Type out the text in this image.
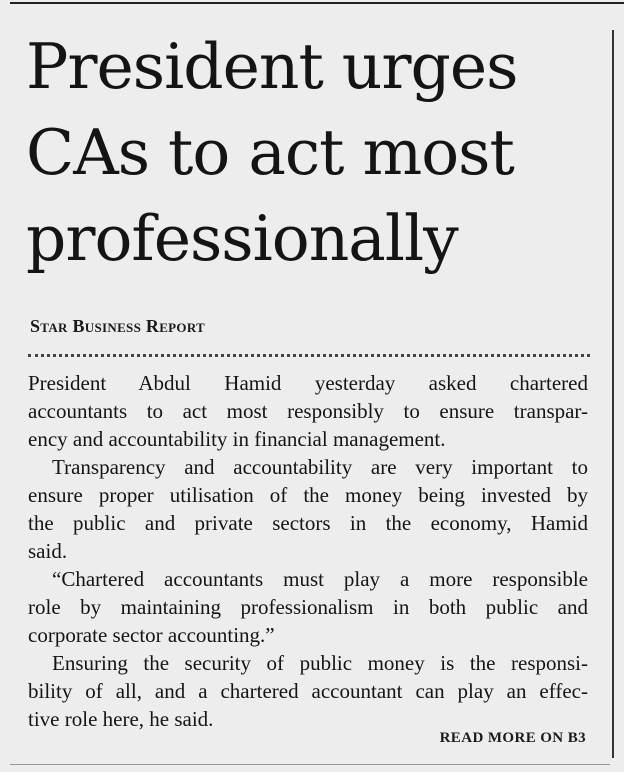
President urges
CAs to act most
professionally
Star Business Report

President Abdul Hamid yesterday asked chartered
accountants to act most responsibly to ensure transpar-
ency and accountability in financial management.

Transparency and accountability are very important to
ensure proper utilisation of the money being invested by
the public and private sectors in the economy, Hamid
said.

“Chartered accountants must play a more responsible
role by maintaining professionalism in both public and
corporate sector accounting.”

Ensuring the security of public money is the responsi-
bility of all, and a chartered accountant can play an effec-
tive role here, he said.

READ MORE ON B3
